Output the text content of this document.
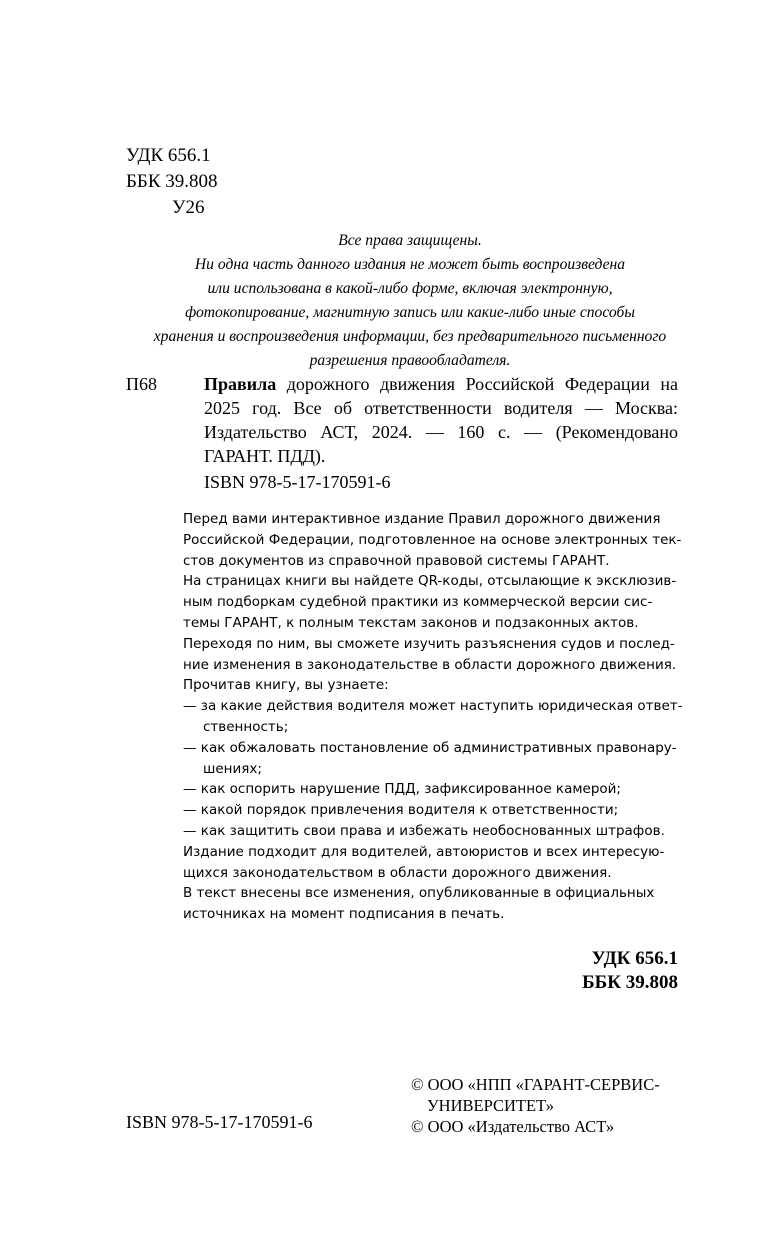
УДК 656.1
ББК 39.808
У26
Все права защищены.
Ни одна часть данного издания не может быть воспроизведена
или использована в какой-либо форме, включая электронную,
фотокопирование, магнитную запись или какие-либо иные способы
хранения и воспроизведения информации, без предварительного письменного
разрешения правообладателя.
П68	Правила дорожного движения Российской Федерации на 2025 год. Все об ответственности водителя — Москва: Издательство АСТ, 2024. — 160 с. — (Рекомендовано ГАРАНТ. ПДД).
ISBN 978-5-17-170591-6

Перед вами интерактивное издание Правил дорожного движения

Российской Федерации, подготовленное на основе электронных тек-

стов документов из справочной правовой системы ГАРАНТ.

На страницах книги вы найдете QR-коды, отсылающие к эксклюзив-

ным подборкам судебной практики из коммерческой версии сис-

темы ГАРАНТ, к полным текстам законов и подзаконных актов.

Переходя по ним, вы сможете изучить разъяснения судов и послед-

ние изменения в законодательстве в области дорожного движения.

Прочитав книгу, вы узнаете:

— за какие действия водителя может наступить юридическая ответ-

ственность;

— как обжаловать постановление об административных правонару-

шениях;

— как оспорить нарушение ПДД, зафиксированное камерой;

— какой порядок привлечения водителя к ответственности;

— как защитить свои права и избежать необоснованных штрафов.

Издание подходит для водителей, автоюристов и всех интересую-

щихся законодательством в области дорожного движения.

В текст внесены все изменения, опубликованные в официальных

источниках на момент подписания в печать.

УДК 656.1
ББК 39.808
ISBN 978-5-17-170591-6
© ООО «НПП «ГАРАНТ-СЕРВИС-
УНИВЕРСИТЕТ»
© ООО «Издательство АСТ»
